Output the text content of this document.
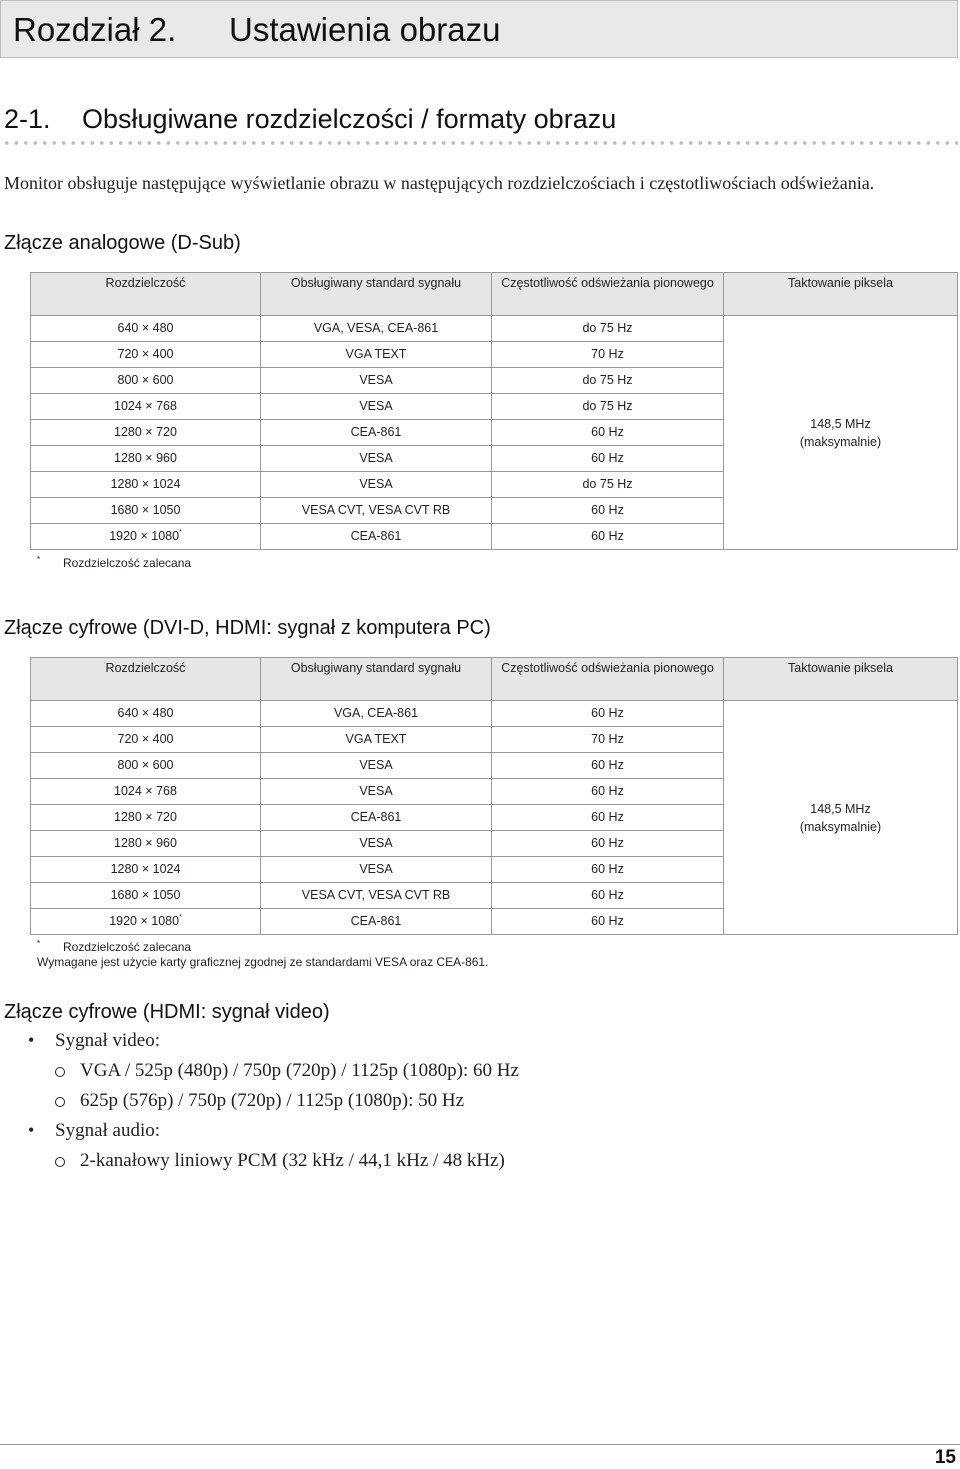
Rozdział 2. Ustawienia obrazu
2-1. Obsługiwane rozdzielczości / formaty obrazu
Monitor obsługuje następujące wyświetlanie obrazu w następujących rozdzielczościach i częstotliwościach odświeżania.
Złącze analogowe (D-Sub)
Rozdzielczość	Obsługiwany standard sygnału	Częstotliwość odświeżania pionowego	Taktowanie piksela
640 × 480	VGA, VESA, CEA-861	do 75 Hz	148,5 MHz
(maksymalnie)

720 × 400	VGA TEXT	70 Hz	
800 × 600	VESA	do 75 Hz	
1024 × 768	VESA	do 75 Hz	
1280 × 720	CEA-861	60 Hz	
1280 × 960	VESA	60 Hz	
1280 × 1024	VESA	do 75 Hz	
1680 × 1050	VESA CVT, VESA CVT RB	60 Hz	
1920 × 1080*	CEA-861	60 Hz	
* Rozdzielczość zalecana
Złącze cyfrowe (DVI-D, HDMI: sygnał z komputera PC)
Rozdzielczość	Obsługiwany standard sygnału	Częstotliwość odświeżania pionowego	Taktowanie piksela
640 × 480	VGA, CEA-861	60 Hz	148,5 MHz
(maksymalnie)

720 × 400	VGA TEXT	70 Hz	
800 × 600	VESA	60 Hz	
1024 × 768	VESA	60 Hz	
1280 × 720	CEA-861	60 Hz	
1280 × 960	VESA	60 Hz	
1280 × 1024	VESA	60 Hz	
1680 × 1050	VESA CVT, VESA CVT RB	60 Hz	
1920 × 1080*	CEA-861	60 Hz	
* Rozdzielczość zalecana
Wymagane jest użycie karty graficznej zgodnej ze standardami VESA oraz CEA-861.
Złącze cyfrowe (HDMI: sygnał video)
• Sygnał video:
VGA / 525p (480p) / 750p (720p) / 1125p (1080p): 60 Hz
625p (576p) / 750p (720p) / 1125p (1080p): 50 Hz
• Sygnał audio:
2-kanałowy liniowy PCM (32 kHz / 44,1 kHz / 48 kHz)
15
